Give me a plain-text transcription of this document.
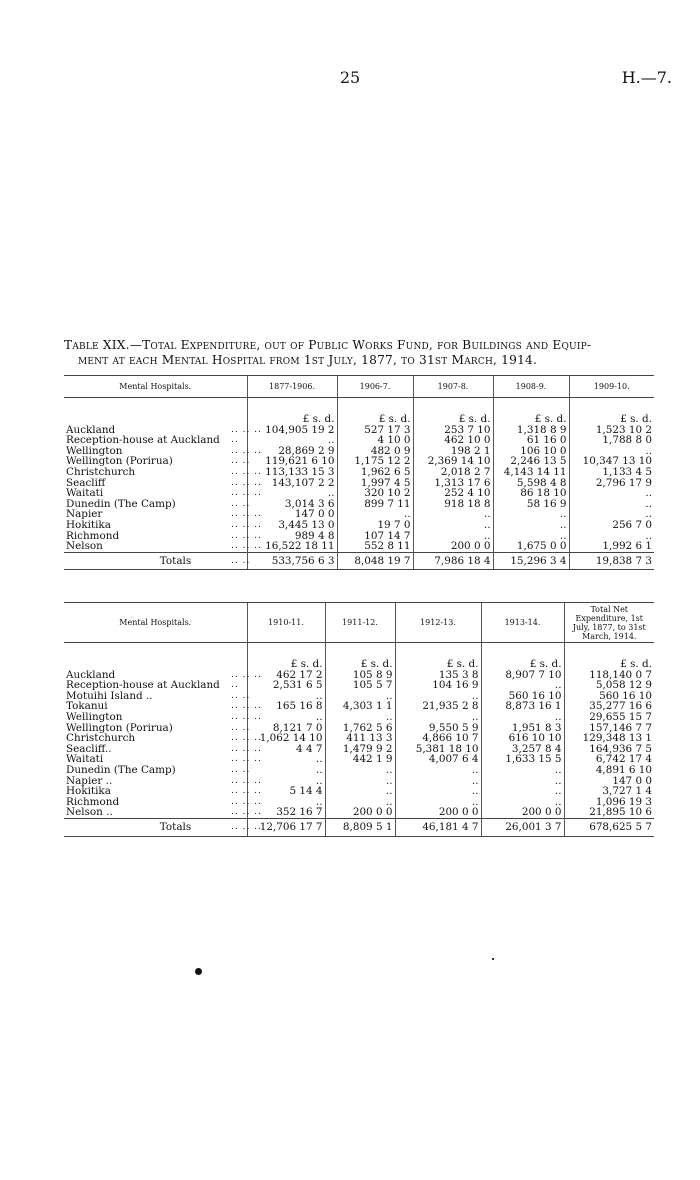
25	H.—7.
Table XIX.—Total Expenditure, out of Public Works Fund, for Buildings and Equip-
ment at each Mental Hospital from 1st July, 1877, to 31st March, 1914.
Mental Hospitals.		1877-1906.	1906-7.	1907-8.	1908-9.	1909-10.
		£ s. d.	£ s. d.	£ s. d.	£ s. d.	£ s. d.
Auckland	.. .. ..	104,905 19 2	527 17 3	253 7 10	1,318 8 9	1,523 10 2
Reception-house at Auckland	..	..	4 10 0	462 10 0	61 16 0	1,788 8 0
Wellington	.. .. ..	28,869 2 9	482 0 9	198 2 1	106 10 0	..
Wellington (Porirua)	.. ..	119,621 6 10	1,175 12 2	2,369 14 10	2,246 13 5	10,347 13 10
Christchurch	.. .. ..	113,133 15 3	1,962 6 5	2,018 2 7	4,143 14 11	1,133 4 5
Seacliff	.. .. ..	143,107 2 2	1,997 4 5	1,313 17 6	5,598 4 8	2,796 17 9
Waitati	.. .. ..	..	320 10 2	252 4 10	86 18 10	..
Dunedin (The Camp)	.. ..	3,014 3 6	899 7 11	918 18 8	58 16 9	..
Napier	.. .. ..	147 0 0	..	..	..	..
Hokitika	.. .. ..	3,445 13 0	19 7 0	..	..	256 7 0
Richmond	.. .. ..	989 4 8	107 14 7	..	..	..
Nelson	.. .. ..	16,522 18 11	552 8 11	200 0 0	1,675 0 0	1,992 6 1
Totals	.. ..	533,756 6 3	8,048 19 7	7,986 18 4	15,296 3 4	19,838 7 3
Mental Hospitals.		1910-11.	1911-12.	1912-13.	1913-14.	Total Net Expenditure, 1st July, 1877, to 31st March, 1914.
		£ s. d.	£ s. d.	£ s. d.	£ s. d.	£ s. d.
Auckland	.. .. ..	462 17 2	105 8 9	135 3 8	8,907 7 10	118,140 0 7
Reception-house at Auckland	..	2,531 6 5	105 5 7	104 16 9	..	5,058 12 9
Motuihi Island ..	.. ..	..	..	..	560 16 10	560 16 10
Tokanui	.. .. ..	165 16 8	4,303 1 1	21,935 2 8	8,873 16 1	35,277 16 6
Wellington	.. .. ..	..	..	..	..	29,655 15 7
Wellington (Porirua)	.. ..	8,121 7 0	1,762 5 6	9,550 5 9	1,951 8 3	157,146 7 7
Christchurch	.. .. ..	1,062 14 10	411 13 3	4,866 10 7	616 10 10	129,348 13 1
Seacliff..	.. .. ..	4 4 7	1,479 9 2	5,381 18 10	3,257 8 4	164,936 7 5
Waitati	.. .. ..	..	442 1 9	4,007 6 4	1,633 15 5	6,742 17 4
Dunedin (The Camp)	.. ..	..	..	..	..	4,891 6 10
Napier ..	.. .. ..	..	..	..	..	147 0 0
Hokitika	.. .. ..	5 14 4	..	..	..	3,727 1 4
Richmond	.. .. ..	..	..	..	..	1,096 19 3
Nelson ..	.. .. ..	352 16 7	200 0 0	200 0 0	200 0 0	21,895 10 6
Totals	.. .. ..	12,706 17 7	8,809 5 1	46,181 4 7	26,001 3 7	678,625 5 7
